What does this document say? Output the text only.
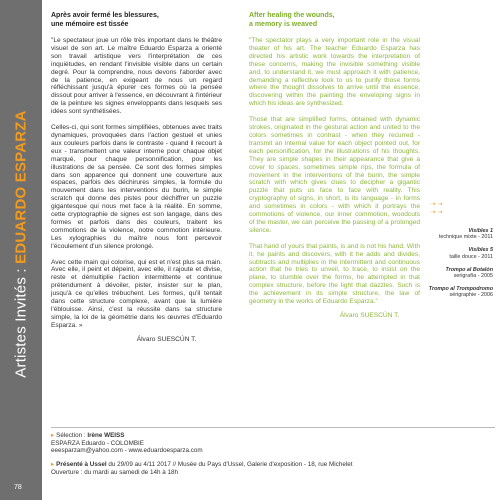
Artistes Invités : EDUARDO ESPARZA
78
Après avoir fermé les blessures,
une mémoire est tissée

"Le spectateur joue un rôle très important dans le théâtre visuel de son art. Le maître Eduardo Esparza a orienté son travail artistique vers l'interprétation de ces inquiétudes, en rendant l'invisible visible dans un certain degré. Pour la comprendre, nous devons l'aborder avec de la patience, en exigeant de nous un regard réfléchissant jusqu'à épurer ces formes où la pensée dissout pour arriver à l'essence, en découvrant à l'intérieur de la peinture les signes enveloppants dans lesquels ses idées sont synthétisées.

Celles-ci, qui sont formes simplifiées, obtenues avec traits dynamiques, provoquées dans l'action gestuel et unies aux couleurs parfois dans le contraste - quand il recourt à eux - transmettent une valeur interne pour chaque objet marqué, pour chaque personnification, pour les illustrations de sa pensée. Ce sont des formes simples dans son apparence qui donnent une couverture aux espaces, parfois des déchirures simples, la formule du mouvement dans les interventions du burin, le simple scratch qui donne des pistes pour déchiffrer un puzzle gigantesque qui nous met face à la réalité. En somme, cette cryptographie de signes est son langage, dans des formes et parfois dans des couleurs, traitent les commotions de la violence, notre commotion intérieure. Les xylographies du maître nous font percevoir l'écoulement d'un silence prolongé.

Avec cette main qui colorise, qui est et n'est plus sa main. Avec elle, il peint et dépeint, avec elle, il rajoute et divise, reste et démultiplie l'action intermittente et continue prétendument à dévoiler, pister, insister sur le plan, jusqu'à ce qu'elles trébuchent. Les formes, qu'il tentait dans cette structure complexe, avant que la lumière l'éblouisse. Ainsi, c'est la réussite dans sa structure simple, la loi de la géométrie dans les œuvres d'Eduardo Esparza. »

Álvaro SUESCÚN T.
After healing the wounds,
a memory is weaved

"The spectator plays a very important role in the visual theater of his art. The teacher Eduardo Esparza has directed his artistic work towards the interpretation of these concerns, making the invisible something visible and, to understand it, we must approach it with patience, demanding a reflective look to us to purify those forms where the thought dissolves to arrive until the essence, discovering within the painting the enveloping signs in which his ideas are synthesized.

Those that are simplified forms, obtained with dynamic strokes, originated in the gestural action and united to the colors sometimes in contrast - when they recurred - transmit an internal value for each object pointed out, for each personification, for the illustrations of his thoughts. They are simple shapes in their appearance that give a cover to spaces, sometimes simple rips, the formula of movement in the interventions of the burin, the simple scratch with which gives clues to decipher a gigantic puzzle that puts us face to face with reality. This cryptography of signs, in short, is its language - in forms and sometimes in colors - with which it portrays the commotions of violence, our inner commotion, woodcuts of the master, we can perceive the passing of a prolonged silence.

That hand of yours that paints, is and is not his hand. With it, he paints and discovers, with it he adds and divides, subtracts and multiplies in the intermittent and continuous action that he tries to unveil, to trace, to insist on the plane, to stumble over the forms, he attempted in that complex structure, before the light that dazzles. Such is the achievement in its simple structure, the law of geometry in the works of Eduardo Esparza."

Álvaro SUESCÚN T.
⇢ ⇢
⇢ ⇢
Visibles 1
technique mixte - 2011
Visibles 5
taille douce - 2011
Trompo al Botalón
serigrafía - 2005
Trompo al Trompodromo
sérigraphie - 2006
▸ Sélection : Irène WEISS
ESPARZA Eduardo - COLOMBIE
eeesparzam@yahoo.com - www.eduardoesparza.com
▸ Présenté à Ussel du 29/09 au 4/11 2017 // Musée du Pays d'Ussel, Galerie d'exposition - 18, rue Michelet
Ouverture : du mardi au samedi de 14h à 18h
